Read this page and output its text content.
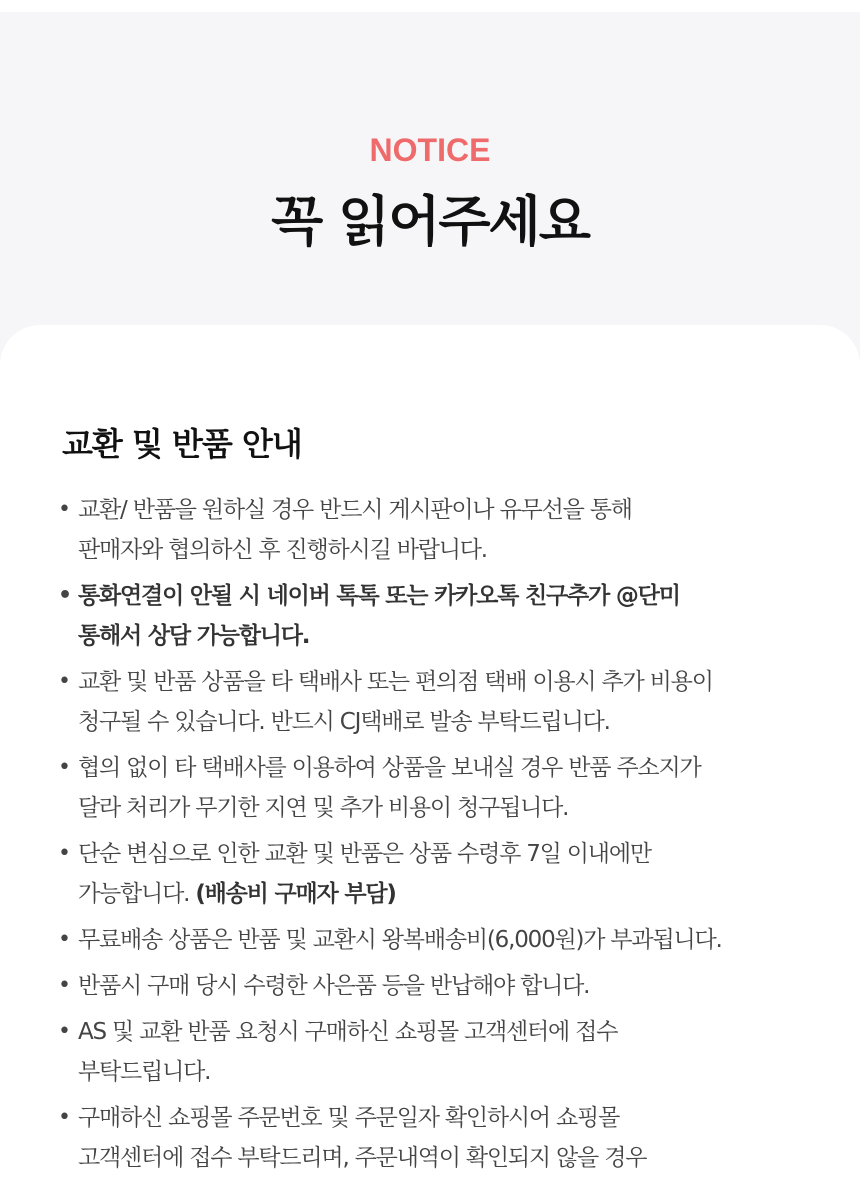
NOTICE
꼭 읽어주세요
교환 및 반품 안내
• 교환/ 반품을 원하실 경우 반드시 게시판이나 유무선을 통해
판매자와 협의하신 후 진행하시길 바랍니다.
• 통화연결이 안될 시 네이버 톡톡 또는 카카오톡 친구추가 @단미
통해서 상담 가능합니다.
• 교환 및 반품 상품을 타 택배사 또는 편의점 택배 이용시 추가 비용이
청구될 수 있습니다. 반드시 CJ택배로 발송 부탁드립니다.
• 협의 없이 타 택배사를 이용하여 상품을 보내실 경우 반품 주소지가
달라 처리가 무기한 지연 및 추가 비용이 청구됩니다.
• 단순 변심으로 인한 교환 및 반품은 상품 수령후 7일 이내에만
가능합니다. (배송비 구매자 부담)
• 무료배송 상품은 반품 및 교환시 왕복배송비(6,000원)가 부과됩니다.
• 반품시 구매 당시 수령한 사은품 등을 반납해야 합니다.
• AS 및 교환 반품 요청시 구매하신 쇼핑몰 고객센터에 접수
부탁드립니다.
• 구매하신 쇼핑몰 주문번호 및 주문일자 확인하시어 쇼핑몰
고객센터에 접수 부탁드리며, 주문내역이 확인되지 않을 경우
